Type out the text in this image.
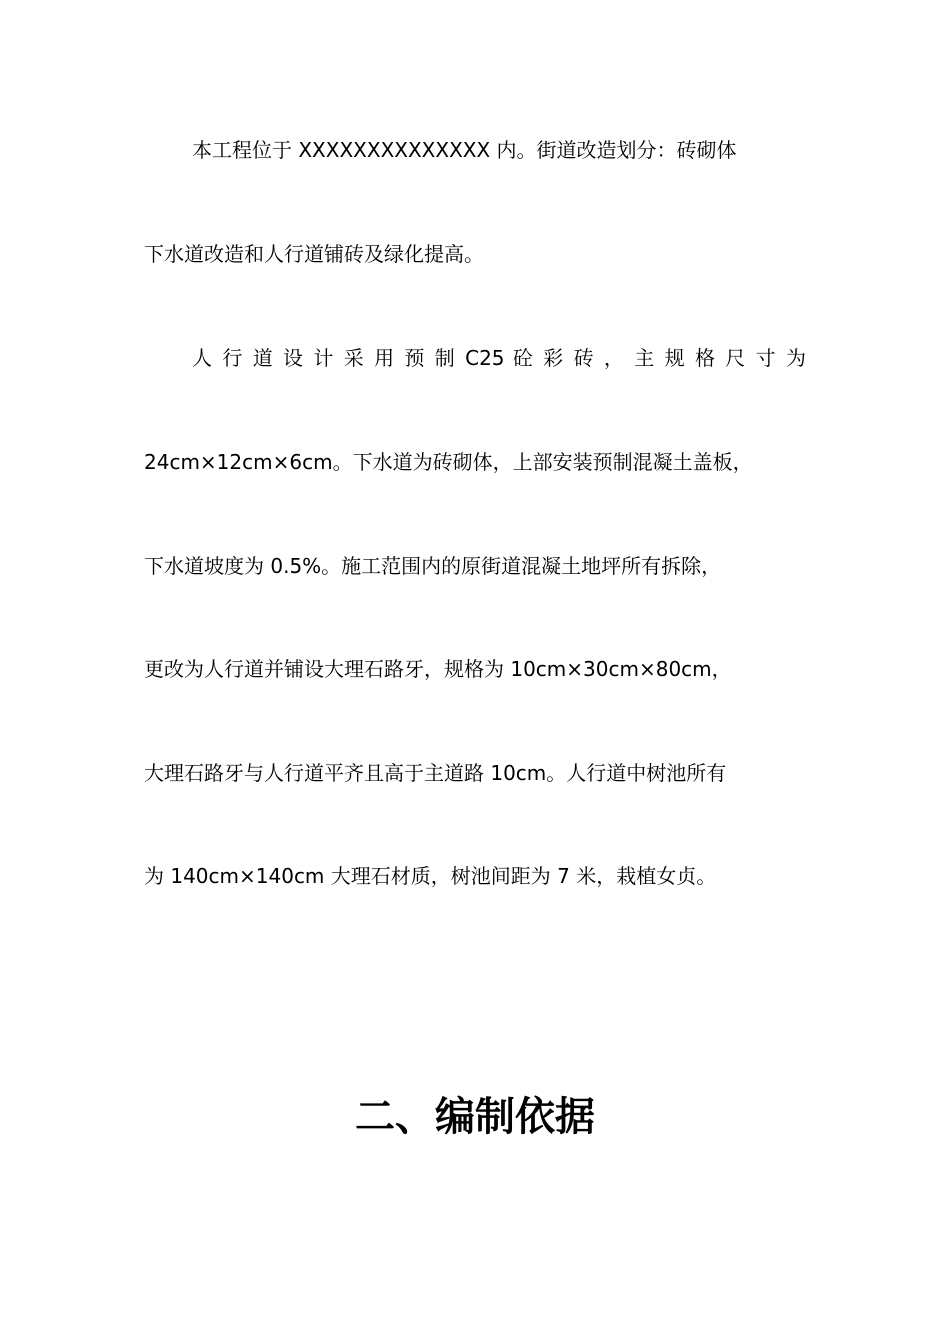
本工程位于 XXXXXXXXXXXXXX 内。街道改造划分：砖砌体
下水道改造和人行道铺砖及绿化提高。
人 行 道 设 计 采 用 预 制 C25 砼 彩 砖 ， 主 规 格 尺 寸 为
24cm×12cm×6cm。下水道为砖砌体，上部安装预制混凝土盖板，
下水道坡度为 0.5%。施工范围内的原街道混凝土地坪所有拆除，
更改为人行道并铺设大理石路牙，规格为 10cm×30cm×80cm，
大理石路牙与人行道平齐且高于主道路 10cm。人行道中树池所有
为 140cm×140cm 大理石材质，树池间距为 7 米，栽植女贞。
二、编制依据
